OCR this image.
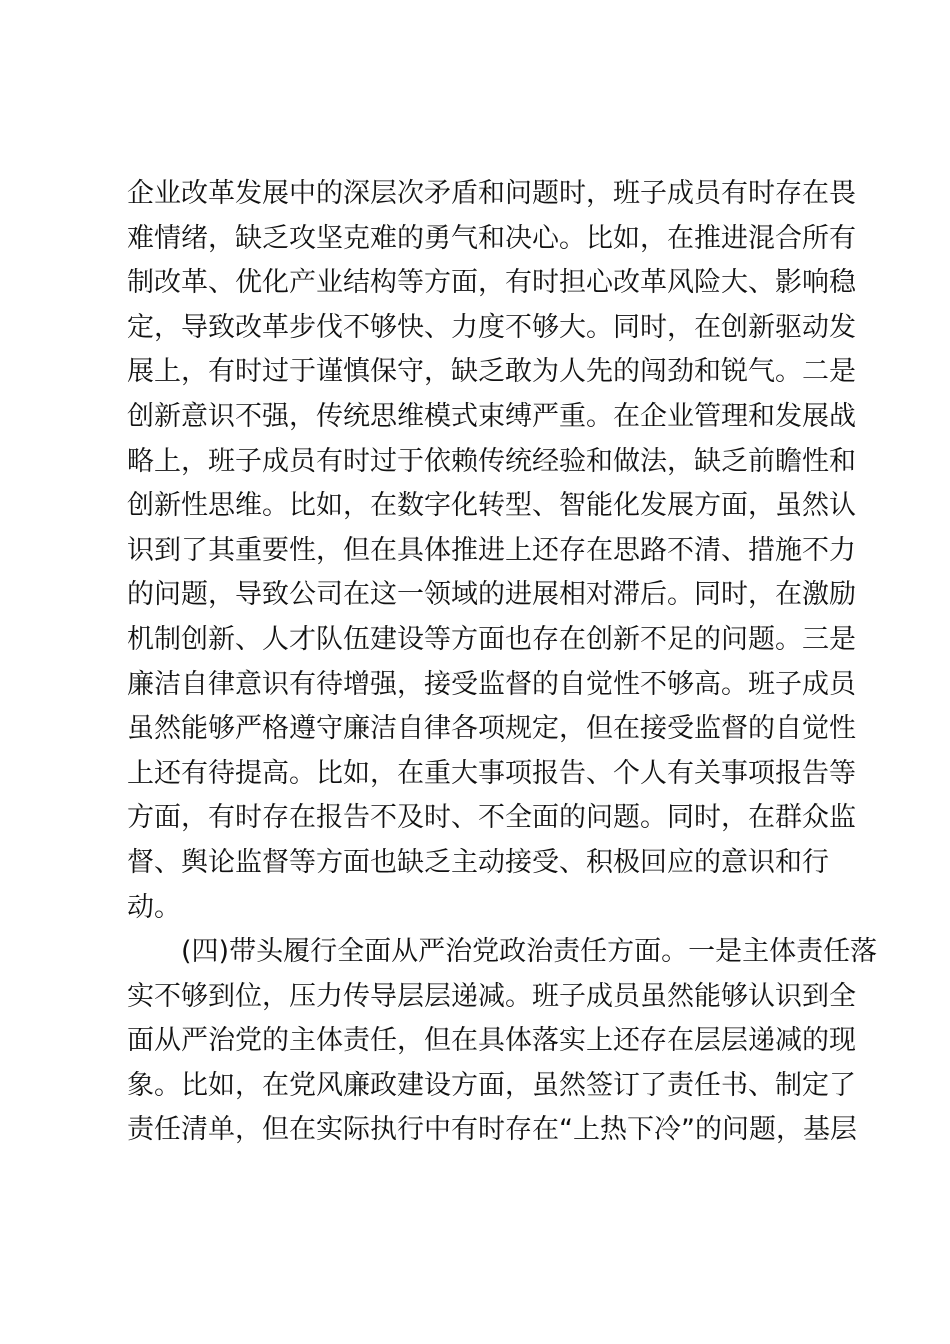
企业改革发展中的深层次矛盾和问题时，班子成员有时存在畏
难情绪，缺乏攻坚克难的勇气和决心。比如，在推进混合所有
制改革、优化产业结构等方面，有时担心改革风险大、影响稳
定，导致改革步伐不够快、力度不够大。同时，在创新驱动发
展上，有时过于谨慎保守，缺乏敢为人先的闯劲和锐气。二是
创新意识不强，传统思维模式束缚严重。在企业管理和发展战
略上，班子成员有时过于依赖传统经验和做法，缺乏前瞻性和
创新性思维。比如，在数字化转型、智能化发展方面，虽然认
识到了其重要性，但在具体推进上还存在思路不清、措施不力
的问题，导致公司在这一领域的进展相对滞后。同时，在激励
机制创新、人才队伍建设等方面也存在创新不足的问题。三是
廉洁自律意识有待增强，接受监督的自觉性不够高。班子成员
虽然能够严格遵守廉洁自律各项规定，但在接受监督的自觉性
上还有待提高。比如，在重大事项报告、个人有关事项报告等
方面，有时存在报告不及时、不全面的问题。同时，在群众监
督、舆论监督等方面也缺乏主动接受、积极回应的意识和行
动。
(四)带头履行全面从严治党政治责任方面。一是主体责任落
实不够到位，压力传导层层递减。班子成员虽然能够认识到全
面从严治党的主体责任，但在具体落实上还存在层层递减的现
象。比如，在党风廉政建设方面，虽然签订了责任书、制定了
责任清单，但在实际执行中有时存在“上热下冷”的问题，基层
